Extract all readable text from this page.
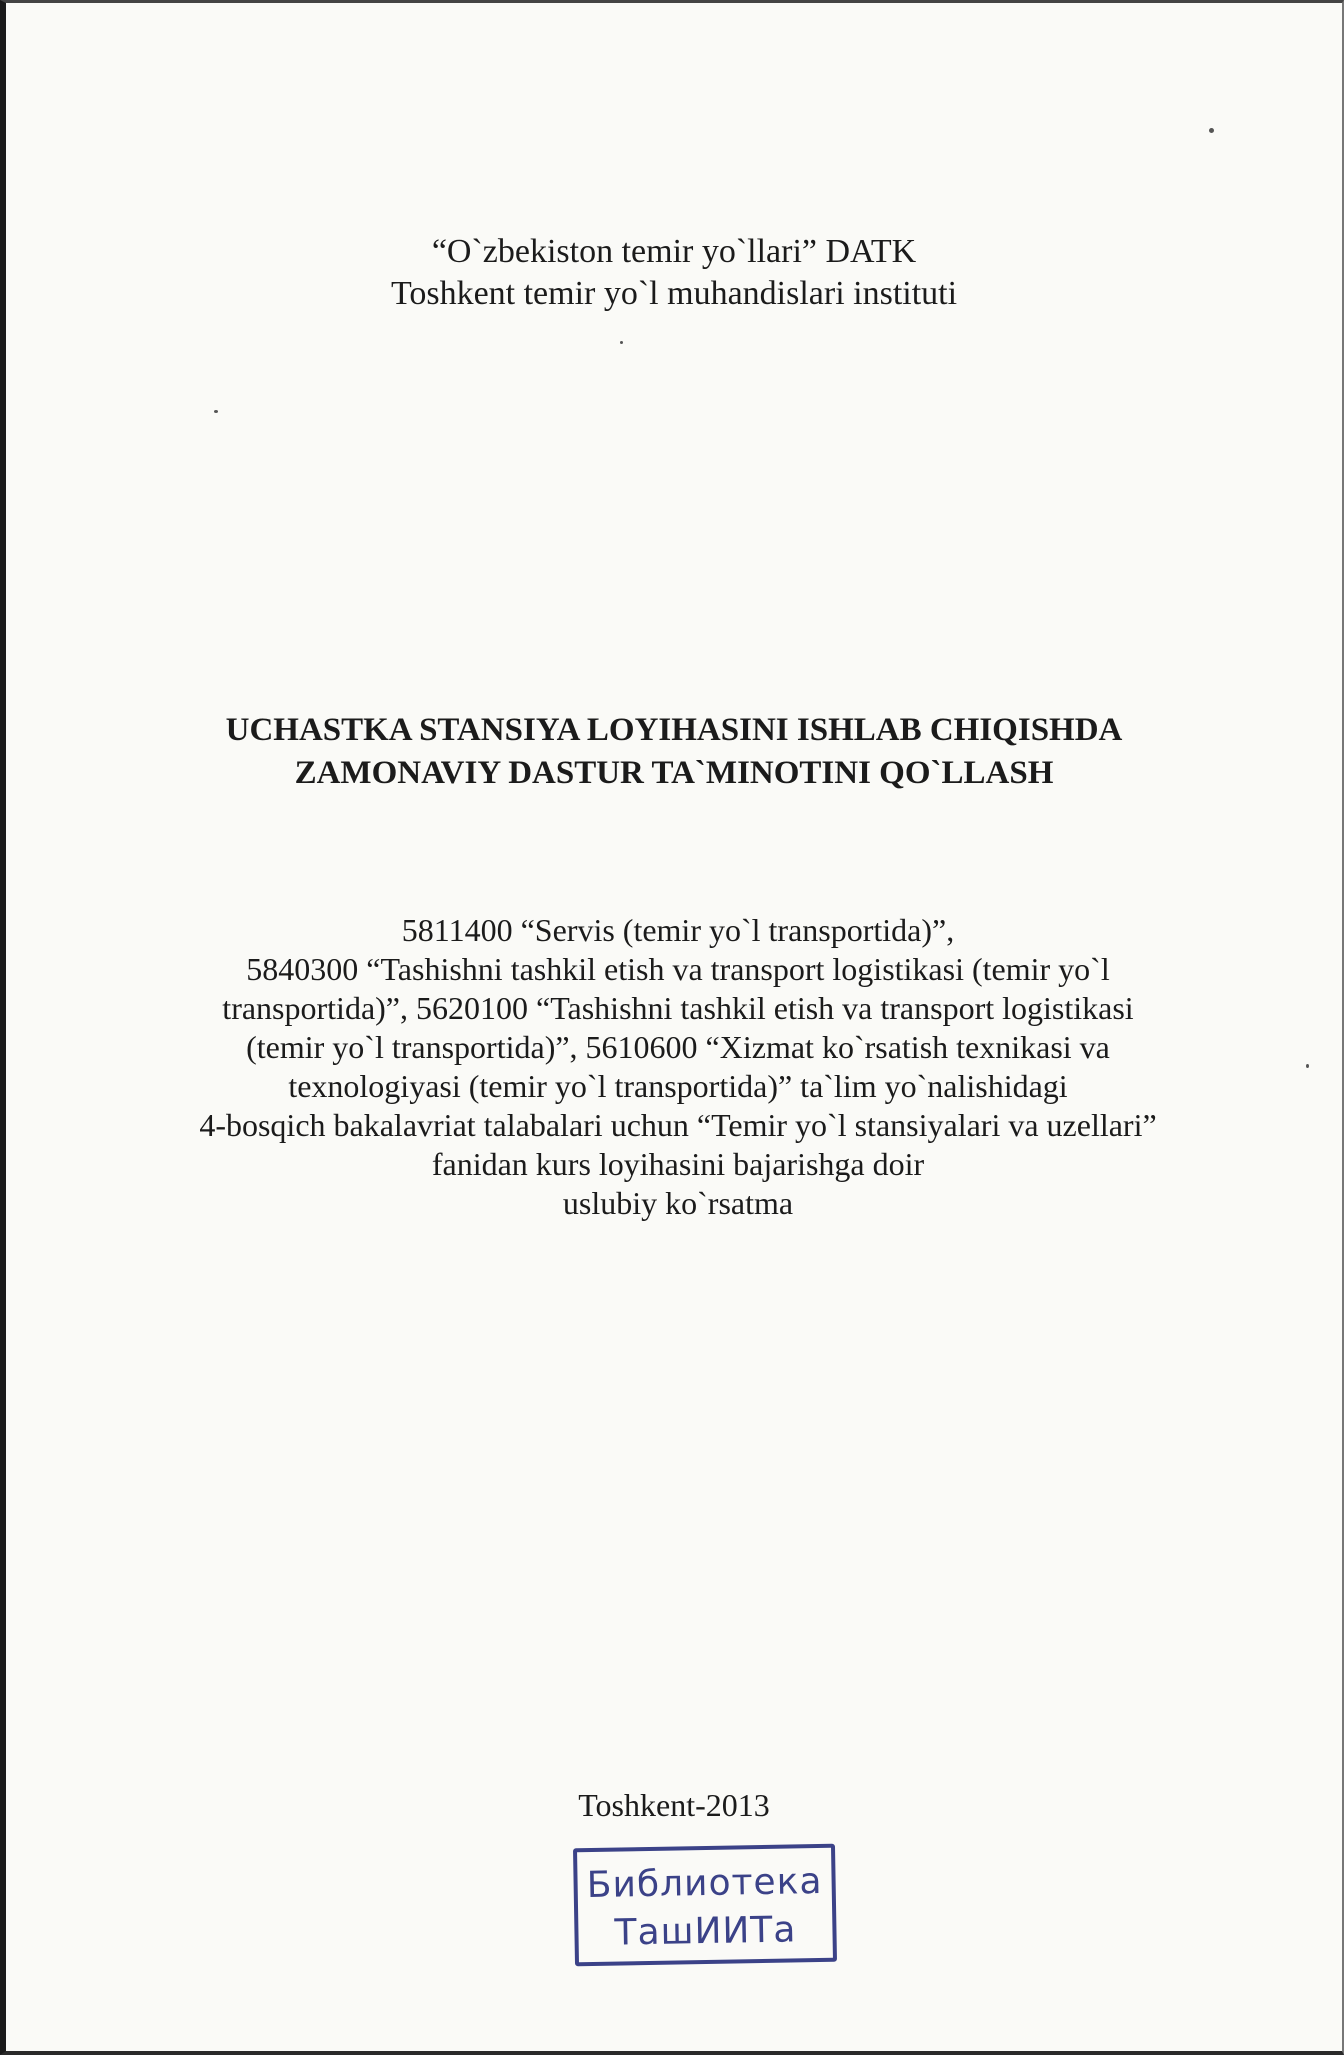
“O`zbekiston temir yo`llari” DATK
Toshkent temir yo`l muhandislari instituti
UCHASTKA STANSIYA LOYIHASINI ISHLAB CHIQISHDA
ZAMONAVIY DASTUR TA`MINOTINI QO`LLASH
5811400 “Servis (temir yo`l transportida)”,
5840300 “Tashishni tashkil etish va transport logistikasi (temir yo`l
transportida)”, 5620100 “Tashishni tashkil etish va transport logistikasi
(temir yo`l transportida)”, 5610600 “Xizmat ko`rsatish texnikasi va
texnologiyasi (temir yo`l transportida)” ta`lim yo`nalishidagi
4-bosqich bakalavriat talabalari uchun “Temir yo`l stansiyalari va uzellari”
fanidan kurs loyihasini bajarishga doir
uslubiy ko`rsatma
Toshkent-2013
Библиотека
ТашИИТа
